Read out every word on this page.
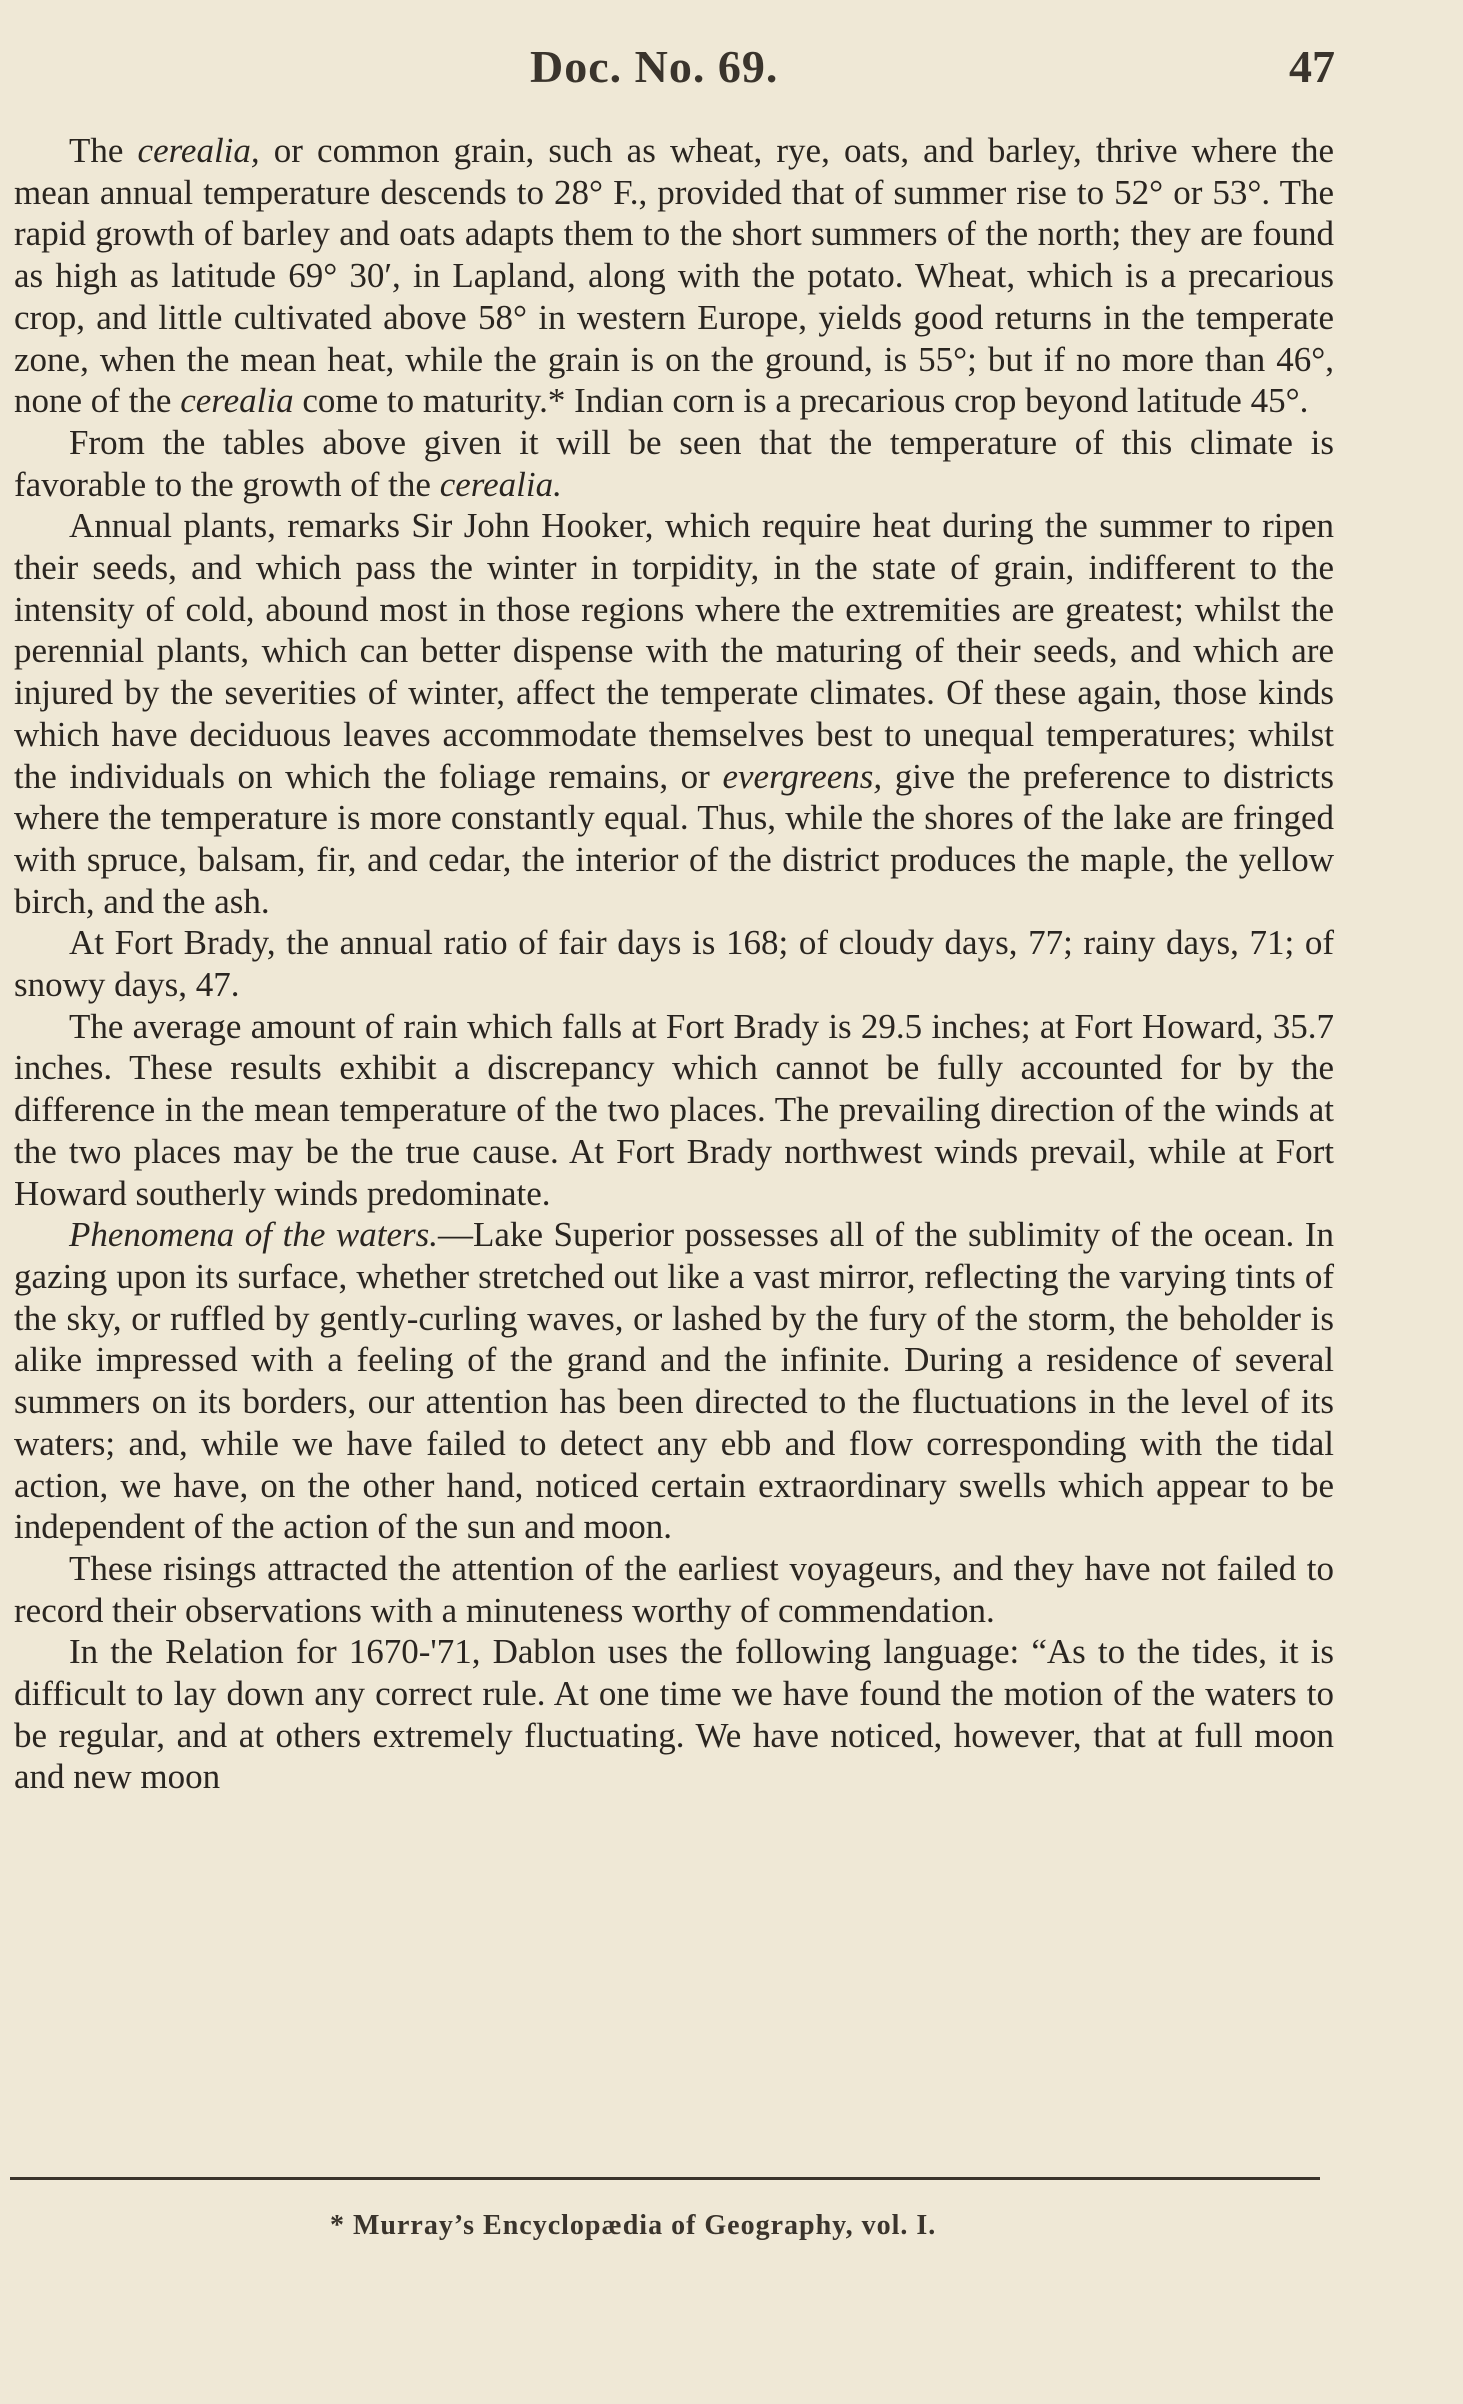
Doc. No. 69.	47

The cerealia, or common grain, such as wheat, rye, oats, and barley, thrive where the mean annual temperature descends to 28° F., provided that of summer rise to 52° or 53°. The rapid growth of barley and oats adapts them to the short summers of the north; they are found as high as latitude 69° 30′, in Lapland, along with the potato. Wheat, which is a precarious crop, and little cultivated above 58° in western Europe, yields good returns in the temperate zone, when the mean heat, while the grain is on the ground, is 55°; but if no more than 46°, none of the cerealia come to maturity.* Indian corn is a precarious crop beyond latitude 45°.

From the tables above given it will be seen that the temperature of this climate is favorable to the growth of the cerealia.

Annual plants, remarks Sir John Hooker, which require heat during the summer to ripen their seeds, and which pass the winter in torpidity, in the state of grain, indifferent to the intensity of cold, abound most in those regions where the extremities are greatest; whilst the perennial plants, which can better dispense with the maturing of their seeds, and which are injured by the severities of winter, affect the temperate climates. Of these again, those kinds which have deciduous leaves accommodate themselves best to unequal temperatures; whilst the individuals on which the foliage remains, or evergreens, give the preference to districts where the temperature is more constantly equal. Thus, while the shores of the lake are fringed with spruce, balsam, fir, and cedar, the interior of the district produces the maple, the yellow birch, and the ash.

At Fort Brady, the annual ratio of fair days is 168; of cloudy days, 77; rainy days, 71; of snowy days, 47.

The average amount of rain which falls at Fort Brady is 29.5 inches; at Fort Howard, 35.7 inches. These results exhibit a discrepancy which cannot be fully accounted for by the difference in the mean temperature of the two places. The prevailing direction of the winds at the two places may be the true cause. At Fort Brady northwest winds prevail, while at Fort Howard southerly winds predominate.

Phenomena of the waters.—Lake Superior possesses all of the sublimity of the ocean. In gazing upon its surface, whether stretched out like a vast mirror, reflecting the varying tints of the sky, or ruffled by gently-curling waves, or lashed by the fury of the storm, the beholder is alike impressed with a feeling of the grand and the infinite. During a residence of several summers on its borders, our attention has been directed to the fluctuations in the level of its waters; and, while we have failed to detect any ebb and flow corresponding with the tidal action, we have, on the other hand, noticed certain extraordinary swells which appear to be independent of the action of the sun and moon.

These risings attracted the attention of the earliest voyageurs, and they have not failed to record their observations with a minuteness worthy of commendation.

In the Relation for 1670-'71, Dablon uses the following language: “As to the tides, it is difficult to lay down any correct rule. At one time we have found the motion of the waters to be regular, and at others extremely fluctuating. We have noticed, however, that at full moon and new moon

* Murray’s Encyclopædia of Geography, vol. I.
